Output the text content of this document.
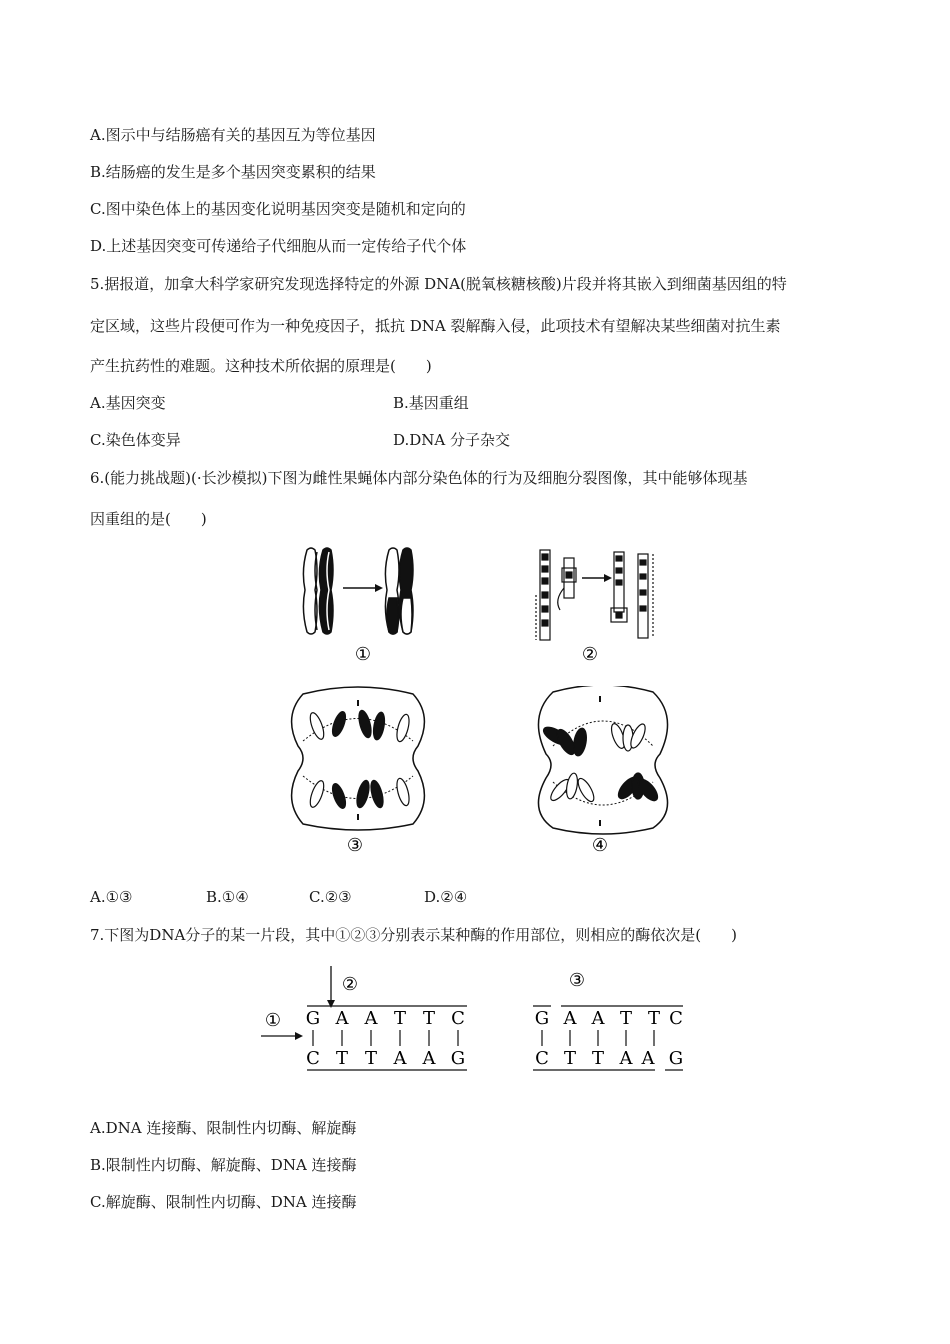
A.图示中与结肠癌有关的基因互为等位基因
B.结肠癌的发生是多个基因突变累积的结果
C.图中染色体上的基因变化说明基因突变是随机和定向的
D.上述基因突变可传递给子代细胞从而一定传给子代个体
5.据报道，加拿大科学家研究发现选择特定的外源 DNA(脱氧核糖核酸)片段并将其嵌入到细菌基因组的特
定区域，这些片段便可作为一种免疫因子，抵抗 DNA 裂解酶入侵，此项技术有望解决某些细菌对抗生素
产生抗药性的难题。这种技术所依据的原理是(　　)
A.基因突变	B.基因重组
C.染色体变异	D.DNA 分子杂交
6.(能力挑战题)(·长沙模拟)下图为雌性果蝇体内部分染色体的行为及细胞分裂图像，其中能够体现基
因重组的是(　　)
①	②
③	④
A.①③	B.①④	C.②③	D.②④
7.下图为DNA分子的某一片段，其中①②③分别表示某种酶的作用部位，则相应的酶依次是(　　)
②
① G A A T T C
C T T A A G
③
G A A T T C
C T T A A G
A.DNA 连接酶、限制性内切酶、解旋酶
B.限制性内切酶、解旋酶、DNA 连接酶
C.解旋酶、限制性内切酶、DNA 连接酶
